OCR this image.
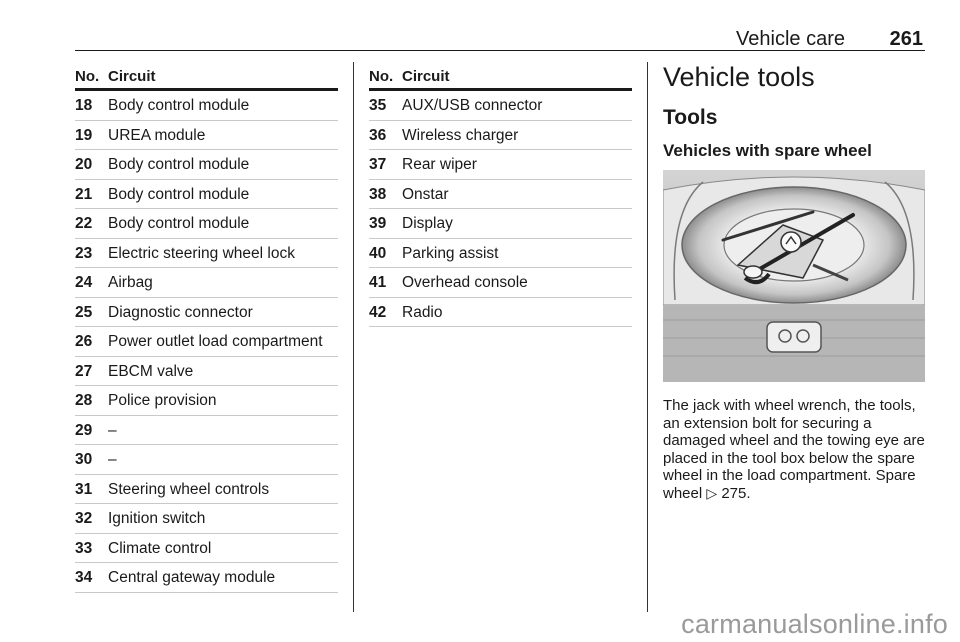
Vehicle care 261
No. Circuit
18 Body control module
19 UREA module
20 Body control module
21 Body control module
22 Body control module
23 Electric steering wheel lock
24 Airbag
25 Diagnostic connector
26 Power outlet load compartment
27 EBCM valve
28 Police provision
29 –
30 –
31 Steering wheel controls
32 Ignition switch
33 Climate control
34 Central gateway module
No. Circuit
35 AUX/USB connector
36 Wireless charger
37 Rear wiper
38 Onstar
39 Display
40 Parking assist
41 Overhead console
42 Radio
Vehicle tools
Tools
Vehicles with spare wheel
The jack with wheel wrench, the tools, an extension bolt for securing a damaged wheel and the towing eye are placed in the tool box below the spare wheel in the load compartment. Spare wheel ▷ 275.
carmanualsonline.info
